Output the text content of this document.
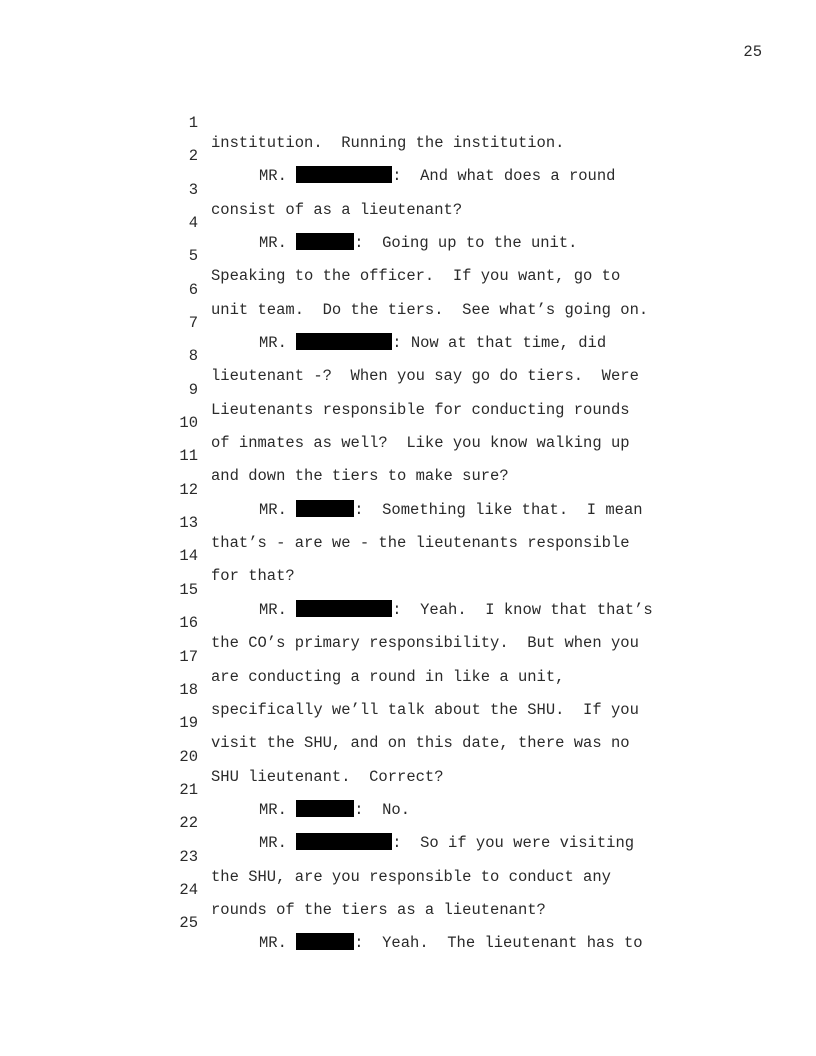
25

1

institution.  Running the institution.

2

MR.	:  And what does a round

3

consist of as a lieutenant?

4

MR.	:  Going up to the unit.

5

Speaking to the officer.  If you want, go to

6

unit team.  Do the tiers.  See what’s going on.

7

MR.	: Now at that time, did

8

lieutenant -?  When you say go do tiers.  Were

9

Lieutenants responsible for conducting rounds

10

of inmates as well?  Like you know walking up

11

and down the tiers to make sure?

12

MR.	:  Something like that.  I mean

13

that’s - are we - the lieutenants responsible

14

for that?

15

MR.	:  Yeah.  I know that that’s

16

the CO’s primary responsibility.  But when you

17

are conducting a round in like a unit,

18

specifically we’ll talk about the SHU.  If you

19

visit the SHU, and on this date, there was no

20

SHU lieutenant.  Correct?

21

MR.	:  No.

22

MR.	:  So if you were visiting

23

the SHU, are you responsible to conduct any

24

rounds of the tiers as a lieutenant?

25

MR.	:  Yeah.  The lieutenant has to
